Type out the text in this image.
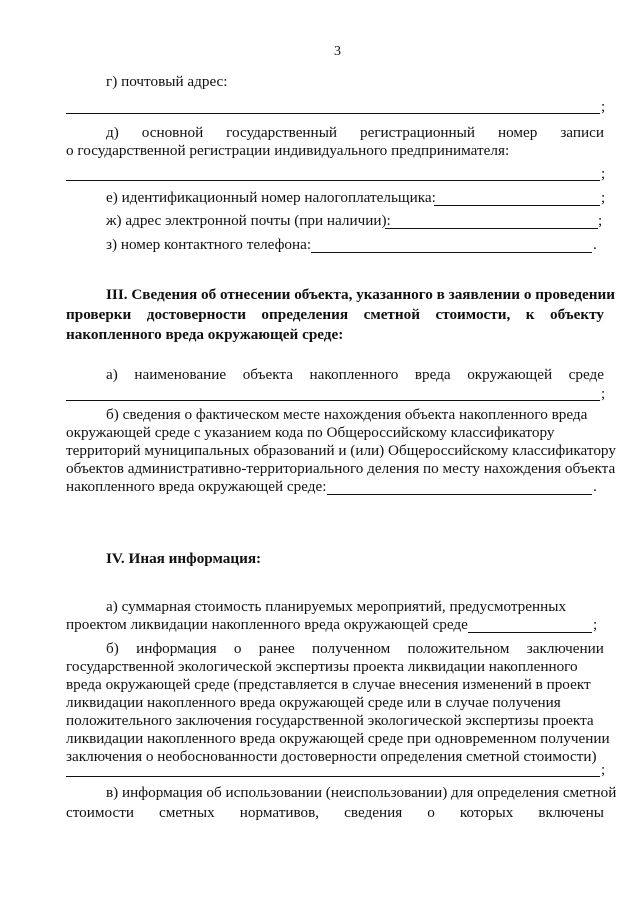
3
г) почтовый адрес:
;
д) основной государственный регистрационный номер записи
о государственной регистрации индивидуального предпринимателя:
;
е) идентификационный номер налогоплательщика:	;
ж) адрес электронной почты (при наличии):	;
з) номер контактного телефона:	.
III. Сведения об отнесении объекта, указанного в заявлении о проведении
проверки достоверности определения сметной стоимости, к объекту
накопленного вреда окружающей среде:
а) наименование объекта накопленного вреда окружающей среде
;
б) сведения о фактическом месте нахождения объекта накопленного вреда
окружающей среде с указанием кода по Общероссийскому классификатору
территорий муниципальных образований и (или) Общероссийскому классификатору
объектов административно-территориального деления по месту нахождения объекта
накопленного вреда окружающей среде:	.
IV. Иная информация:
а) суммарная стоимость планируемых мероприятий, предусмотренных
проектом ликвидации накопленного вреда окружающей среде	;
б) информация о ранее полученном положительном заключении
государственной экологической экспертизы проекта ликвидации накопленного
вреда окружающей среде (представляется в случае внесения изменений в проект
ликвидации накопленного вреда окружающей среде или в случае получения
положительного заключения государственной экологической экспертизы проекта
ликвидации накопленного вреда окружающей среде при одновременном получении
заключения о необоснованности достоверности определения сметной стоимости)
;
в) информация об использовании (неиспользовании) для определения сметной
стоимости сметных нормативов, сведения о которых включены
